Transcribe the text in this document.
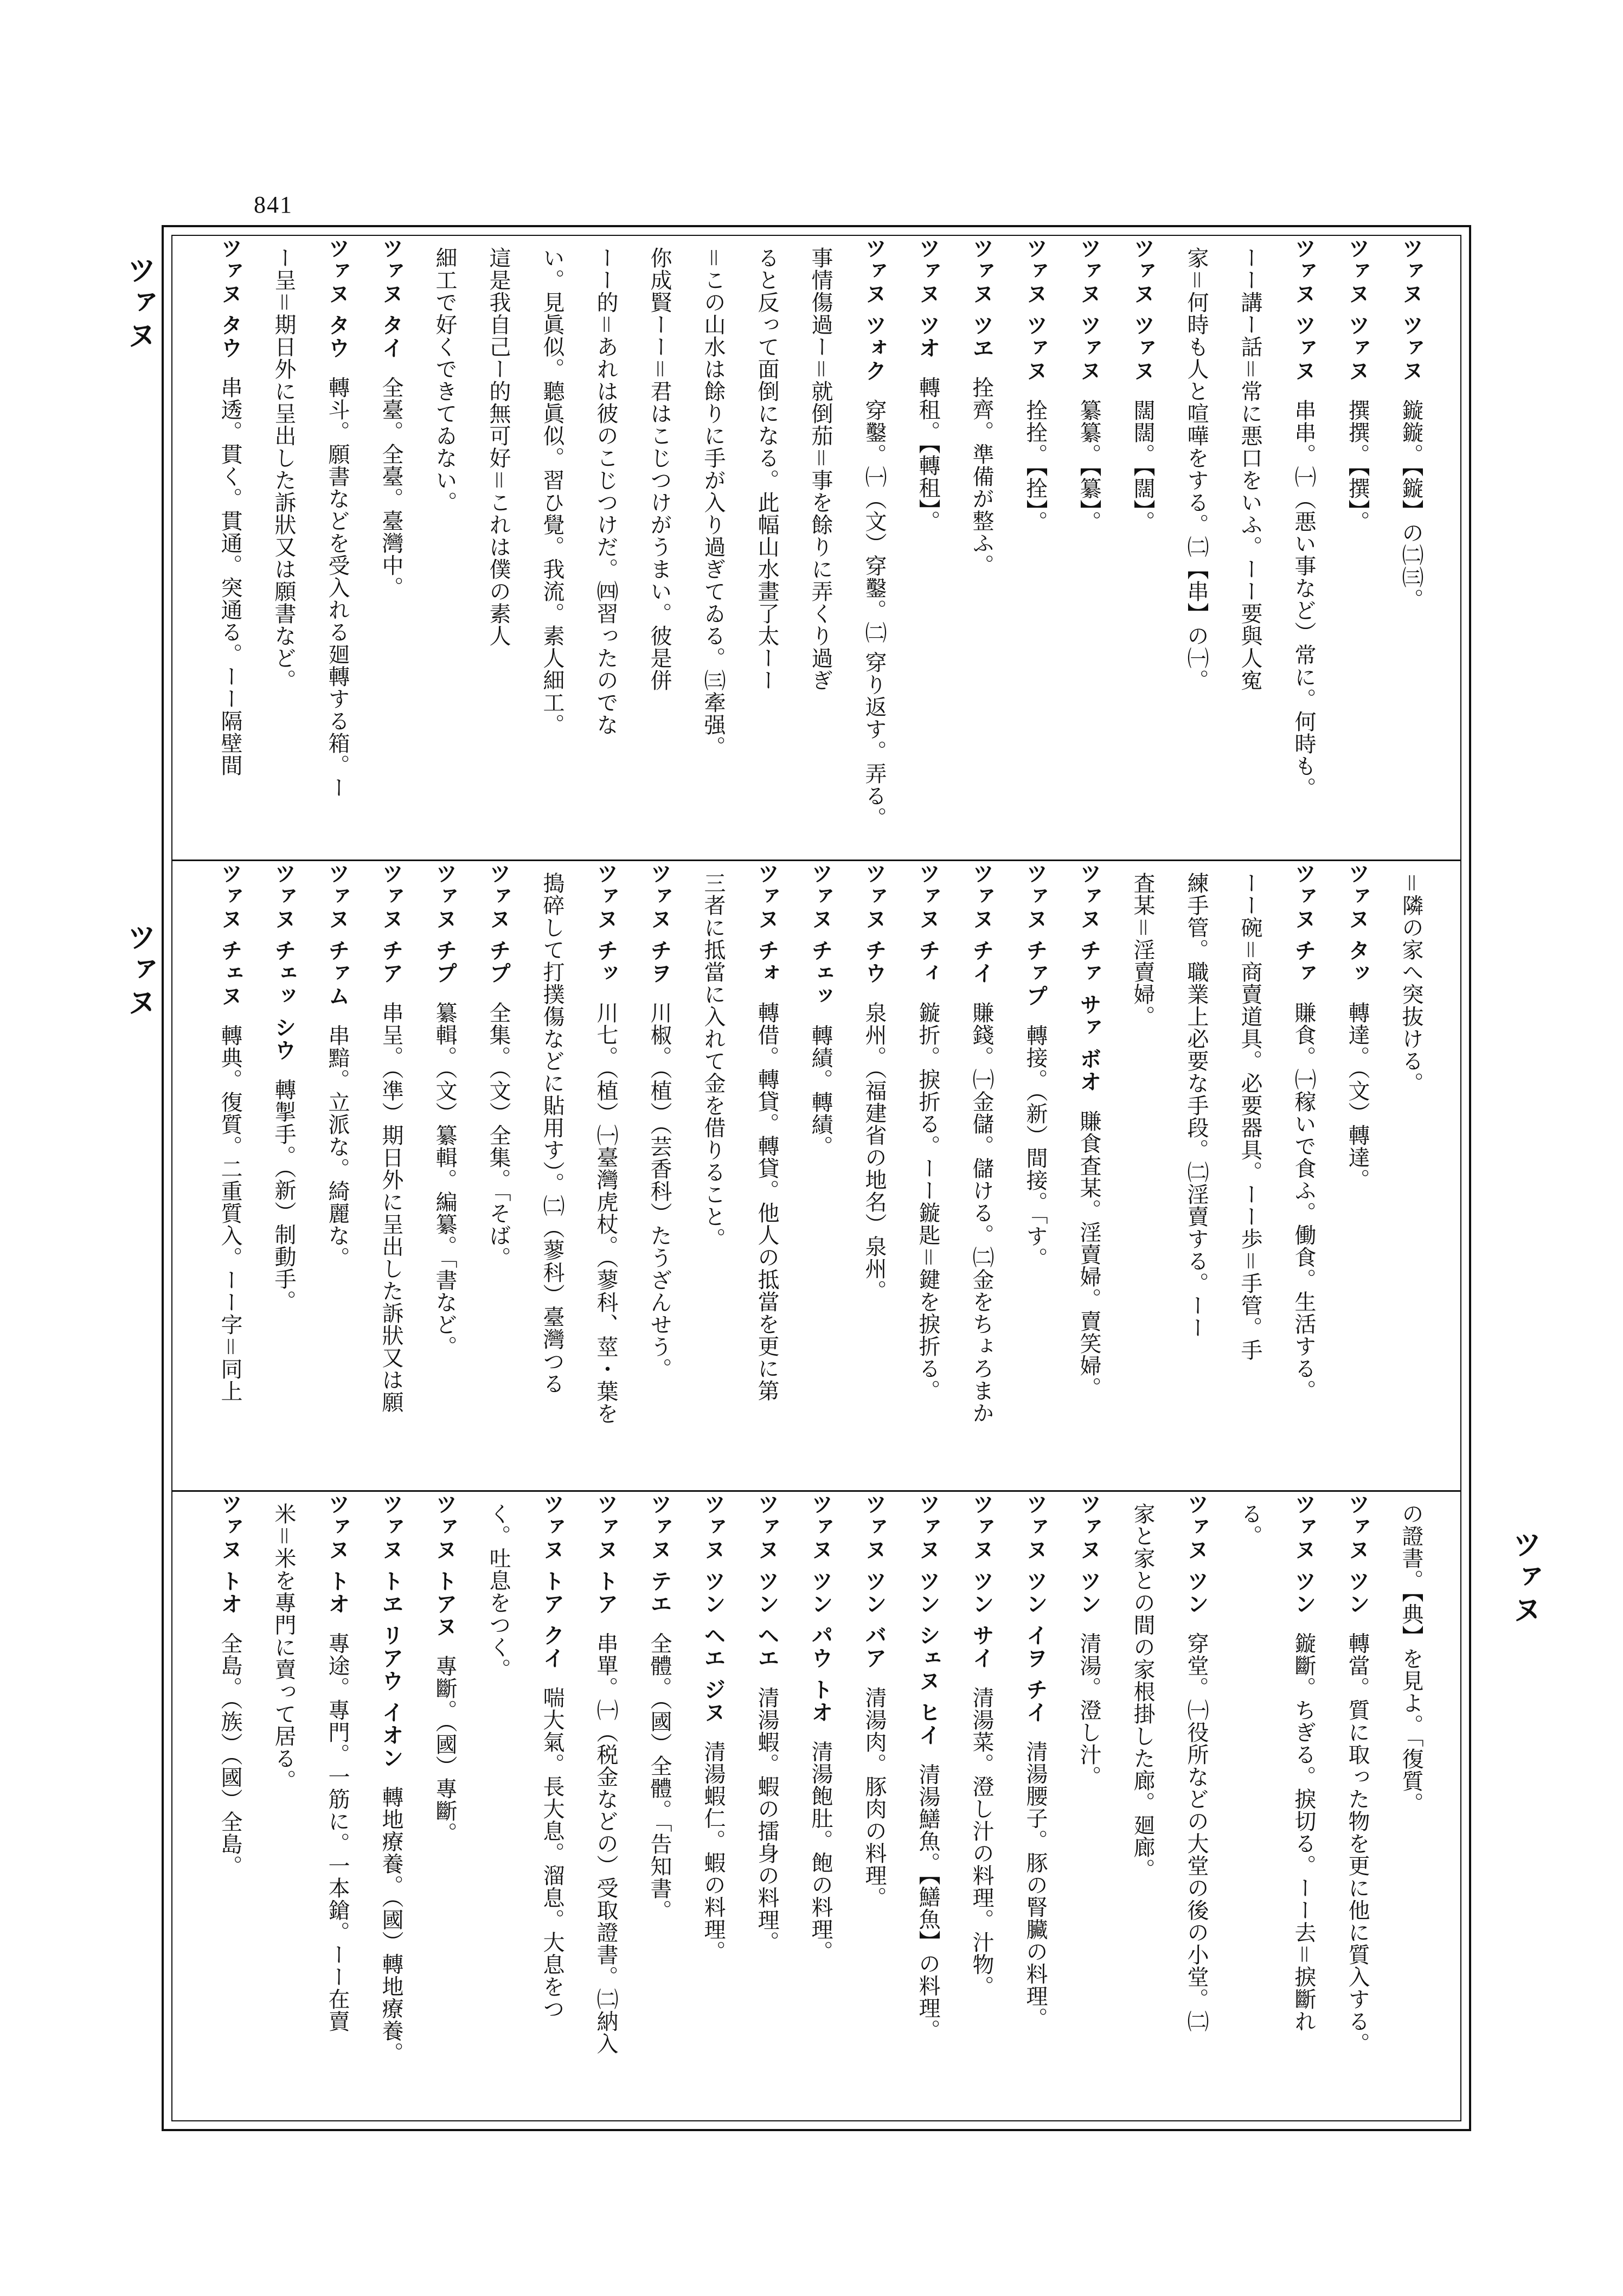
841
ツァヌ
ツァヌ
ツァヌ
ツァヌ ツァヌ 鏇鏇。【鏇】の㈡㈢。
ツァヌ ツァヌ 撰撰。【撰】。
ツァヌ ツァヌ 串串。㈠（悪い事など）常に。何時も。
ーー講ー話＝常に悪口をいふ。ーー要與人寃
家＝何時も人と喧嘩をする。㈡【串】の㈠。
ツァヌ ツァヌ 闊闊。【闊】。
ツァヌ ツァヌ 纂纂。【纂】。
ツァヌ ツァヌ 拴拴。【拴】。
ツァヌ ツヱ 拴齊。準備が整ふ。
ツァヌ ツオ 轉租。【轉租】。
ツァヌ ツォク 穿鑿。㈠（文）穿鑿。㈡ 穿り返す。弄る。
事情傷過ー＝就倒茄＝事を餘りに弄くり過ぎ
ると反って面倒になる。此幅山水畫了太ーー
＝この山水は餘りに手が入り過ぎてゐる。㈢牽强。
你成賢ーー＝君はこじつけがうまい。彼是併
ーー的＝あれは彼のこじつけだ。㈣習ったのでな
い。見眞似。聽眞似。習ひ覺。我流。素人細工。
這是我自己ー的無可好＝これは僕の素人
細工で好くできてゐない。
ツァヌ タイ 全臺。全臺。臺灣中。
ツァヌ タウ 轉斗。願書などを受入れる廻轉する箱。ー
ー呈＝期日外に呈出した訴狀又は願書など。
ツァヌ タウ 串透。貫く。貫通。突通る。ーー隔壁間
＝隣の家へ突抜ける。
ツァヌ タッ 轉達。（文）轉達。
ツァヌ チァ 賺食。㈠稼いで食ふ。働食。生活する。
ーー碗＝商賣道具。必要器具。ーー歩＝手管。手
練手管。職業上必要な手段。㈡淫賣する。ーー
査某＝淫賣婦。
ツァヌ チァ サァ ボオ 賺食査某。淫賣婦。賣笑婦。
ツァヌ チァプ 轉接。（新）間接。「す。
ツァヌ チイ 賺錢。㈠金儲。儲ける。㈡金をちょろまか
ツァヌ チィ 鏇折。捩折る。ーー鏇匙＝鍵を捩折る。
ツァヌ チウ 泉州。（福建省の地名）泉州。
ツァヌ チェッ 轉績。轉績。
ツァヌ チォ 轉借。轉貸。轉貸。他人の抵當を更に第
三者に抵當に入れて金を借りること。
ツァヌ チヲ 川椒。（植）（芸香科）たうざんせう。
ツァヌ チッ 川七。（植）㈠臺灣虎杖。（蓼科、莖・葉を
搗碎して打撲傷などに貼用す）。㈡（蓼科）臺灣つる
ツァヌ チプ 全集。（文）全集。「そば。
ツァヌ チプ 纂輯。（文）纂輯。編纂。「書など。
ツァヌ チア 串呈。（凖）期日外に呈出した訴狀又は願
ツァヌ チァム 串黯。立派な。綺麗な。
ツァヌ チェッ シウ 轉掣手。（新）制動手。
ツァヌ チェヌ 轉典。復質。二重質入。ーー字＝同上
の證書。【典】を見よ。「復質。
ツァヌ ツン 轉當。質に取った物を更に他に質入する。
ツァヌ ツン 鏇斷。ちぎる。捩切る。ーー去＝捩斷れ
る。
ツァヌ ツン 穿堂。㈠役所などの大堂の後の小堂。㈡
家と家との間の家根掛した廊。廻廊。
ツァヌ ツン 清湯。澄し汁。
ツァヌ ツン イヲ チイ 清湯腰子。豚の腎臟の料理。
ツァヌ ツン サイ 清湯菜。澄し汁の料理。汁物。
ツァヌ ツン シェヌ ヒイ 清湯鱔魚。【鱔魚】の料理。
ツァヌ ツン バア 清湯肉。豚肉の料理。
ツァヌ ツン パウ トオ 清湯飽肚。飽の料理。
ツァヌ ツン ヘエ 清湯蝦。蝦の擂身の料理。
ツァヌ ツン ヘエ ジヌ 清湯蝦仁。蝦の料理。
ツァヌ テエ 全體。（國）全體。「告知書。
ツァヌ トア 串單。㈠（税金などの）受取證書。㈡納入
ツァヌ トア クイ 喘大氣。長大息。溜息。大息をつ
く。吐息をつく。
ツァヌ トアヌ 專斷。（國）專斷。
ツァヌ トヱ リアウ イオン 轉地療養。（國）轉地療養。
ツァヌ トオ 專途。專門。一筋に。一本鎗。ーー在賣
米＝米を專門に賣って居る。
ツァヌ トオ 全島。（族）（國）全島。
